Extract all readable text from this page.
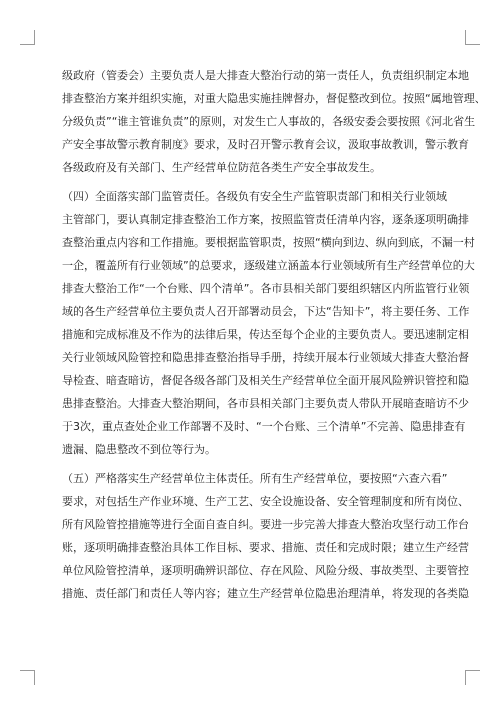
级政府（管委会）主要负责人是大排查大整治行动的第一责任人，负责组织制定本地
排查整治方案并组织实施，对重大隐患实施挂牌督办，督促整改到位。按照“属地管理、
分级负责”“谁主管谁负责”的原则，对发生亡人事故的，各级安委会要按照《河北省生
产安全事故警示教育制度》要求，及时召开警示教育会议，汲取事故教训，警示教育
各级政府及有关部门、生产经营单位防范各类生产安全事故发生。
（四）全面落实部门监管责任。各级负有安全生产监管职责部门和相关行业领域
主管部门，要认真制定排查整治工作方案，按照监管责任清单内容，逐条逐项明确排
查整治重点内容和工作措施。要根据监管职责，按照“横向到边、纵向到底，不漏一村
一企，覆盖所有行业领域”的总要求，逐级建立涵盖本行业领域所有生产经营单位的大
排查大整治工作“一个台账、四个清单”。各市县相关部门要组织辖区内所监管行业领
域的各生产经营单位主要负责人召开部署动员会，下达“告知卡”，将主要任务、工作
措施和完成标准及不作为的法律后果，传达至每个企业的主要负责人。要迅速制定相
关行业领域风险管控和隐患排查整治指导手册，持续开展本行业领域大排查大整治督
导检查、暗查暗访，督促各级各部门及相关生产经营单位全面开展风险辨识管控和隐
患排查整治。大排查大整治期间，各市县相关部门主要负责人带队开展暗查暗访不少
于3次，重点查处企业工作部署不及时、“一个台账、三个清单”不完善、隐患排查有
遗漏、隐患整改不到位等行为。
（五）严格落实生产经营单位主体责任。所有生产经营单位，要按照“六查六看”
要求，对包括生产作业环境、生产工艺、安全设施设备、安全管理制度和所有岗位、
所有风险管控措施等进行全面自查自纠。要进一步完善大排查大整治攻坚行动工作台
账，逐项明确排查整治具体工作目标、要求、措施、责任和完成时限；建立生产经营
单位风险管控清单，逐项明确辨识部位、存在风险、风险分级、事故类型、主要管控
措施、责任部门和责任人等内容；建立生产经营单位隐患治理清单，将发现的各类隐
